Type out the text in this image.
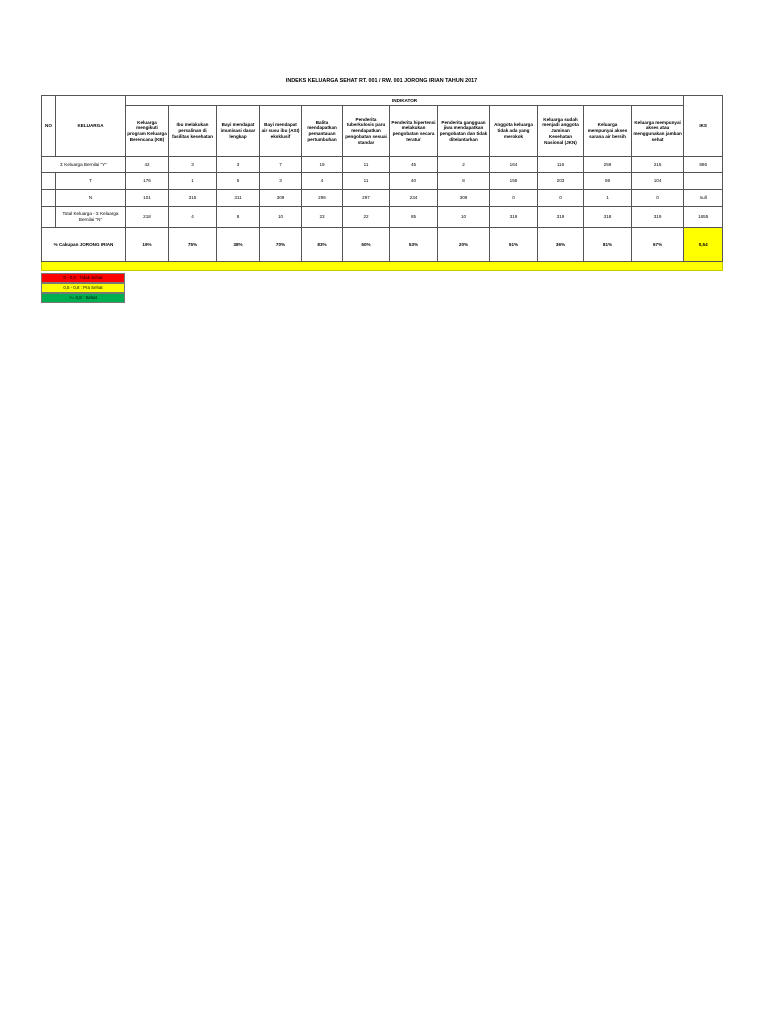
INDEKS KELUARGA SEHAT RT. 001 / RW. 001 JORONG IRIAN TAHUN 2017
NO	KELUARGA	INDIKATOR												IKS
		Keluarga mengikuti program Keluarga Berencana (KB)	Ibu melakukan persalinan di fasilitas kesehatan	Bayi mendapat imunisasi dasar lengkap	Bayi mendapat air susu ibu (ASI) eksklusif	Balita mendapatkan pemantauan pertumbuhan	Penderita tuberkulosis paru mendapatkan pengobatan sesuai standar	Penderita hipertensi melakukan pengobatan secara teratur	Penderita gangguan jiwa mendapatkan pengobatan dan tidak ditelantarkan	Anggota keluarga tidak ada yang merokok	Keluarga sudah menjadi anggota Jaminan Kesehatan Nasional (JKN)	Keluarga mempunyai akses sarana air bersih	Keluarga mempunyai akses atau menggunakan jamban sehat	
Σ Keluarga Bernilai "Y"		42	3	3	7	19	11	45	2	164	116	259	215	886
	T	176	1	5	3	4	11	40	8	155	203	59	104	
	N	101	315	311	309	296	297	234	309	0	0	1	0	null
	Total Keluarga - Σ Keluarga Bernilai "N"	218	4	8	10	23	22	85	10	319	319	318	319	1655
% Cakupan JORONG IRIAN		19%	75%	38%	70%	83%	50%	53%	20%	51%	36%	81%	67%	0,54

0 - 0,5 : Tidak Sehat
0,5 - 0,8 : Pra Sehat
>= 0,8 : Sehat
